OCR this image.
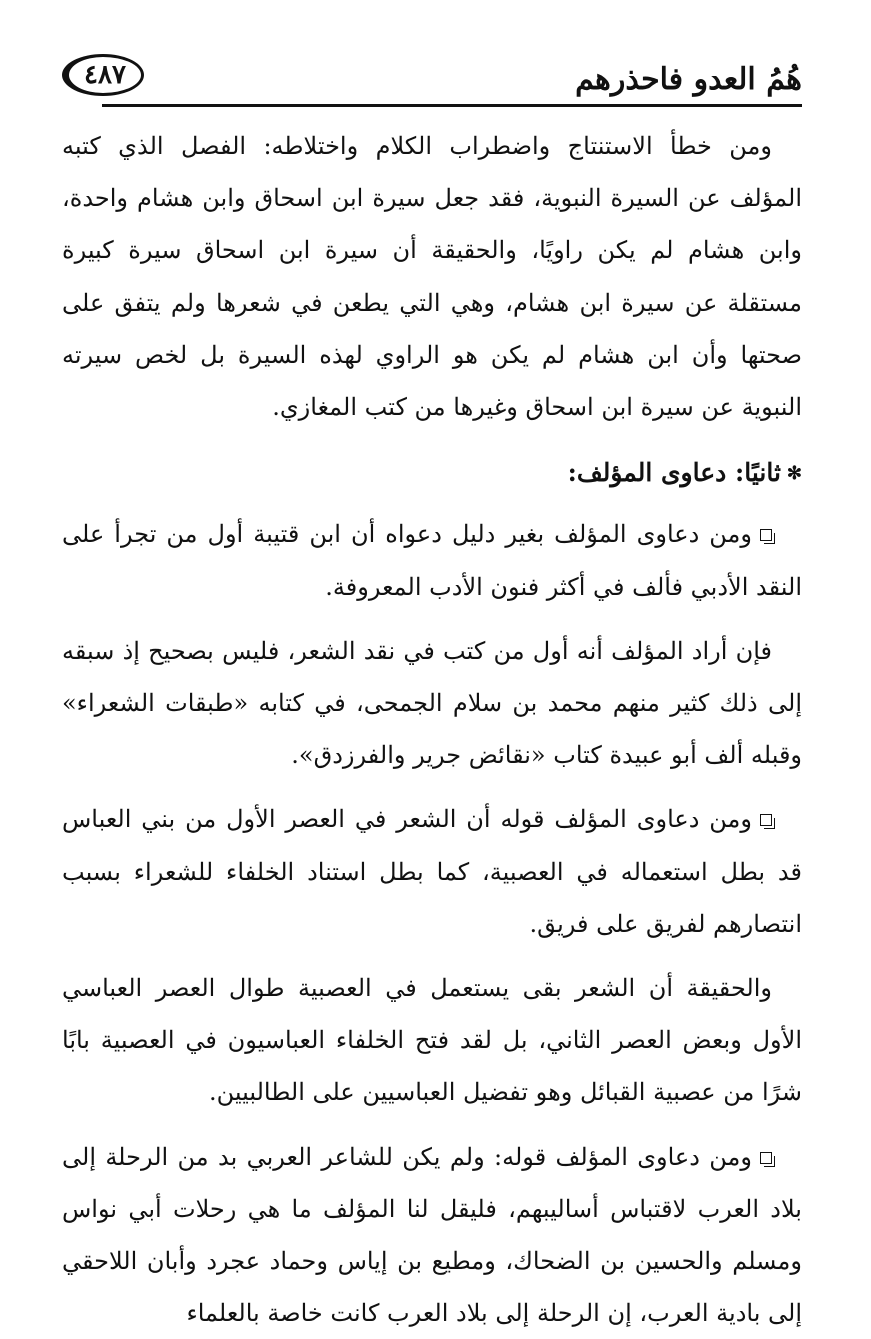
هُمُ العدو فاحذرهم
٤٨٧

ومن خطأ الاستنتاج واضطراب الكلام واختلاطه: الفصل الذي كتبه المؤلف عن السيرة النبوية، فقد جعل سيرة ابن اسحاق وابن هشام واحدة، وابن هشام لم يكن راويًا، والحقيقة أن سيرة ابن اسحاق سيرة كبيرة مستقلة عن سيرة ابن هشام، وهي التي يطعن في شعرها ولم يتفق على صحتها وأن ابن هشام لم يكن هو الراوي لهذه السيرة بل لخص سيرته النبوية عن سيرة ابن اسحاق وغيرها من كتب المغازي.

✻ثانيًا: دعاوى المؤلف:

ومن دعاوى المؤلف بغير دليل دعواه أن ابن قتيبة أول من تجرأ على النقد الأدبي فألف في أكثر فنون الأدب المعروفة.

فإن أراد المؤلف أنه أول من كتب في نقد الشعر، فليس بصحيح إذ سبقه إلى ذلك كثير منهم محمد بن سلام الجمحى، في كتابه «طبقات الشعراء» وقبله ألف أبو عبيدة كتاب «نقائض جرير والفرزدق».

ومن دعاوى المؤلف قوله أن الشعر في العصر الأول من بني العباس قد بطل استعماله في العصبية، كما بطل استناد الخلفاء للشعراء بسبب انتصارهم لفريق على فريق.

والحقيقة أن الشعر بقى يستعمل في العصبية طوال العصر العباسي الأول وبعض العصر الثاني، بل لقد فتح الخلفاء العباسيون في العصبية بابًا شرًا من عصبية القبائل وهو تفضيل العباسيين على الطالبيين.

ومن دعاوى المؤلف قوله: ولم يكن للشاعر العربي بد من الرحلة إلى بلاد العرب لاقتباس أساليبهم، فليقل لنا المؤلف ما هي رحلات أبي نواس ومسلم والحسين بن الضحاك، ومطيع بن إياس وحماد عجرد وأبان اللاحقي إلى بادية العرب، إن الرحلة إلى بلاد العرب كانت خاصة بالعلماء
